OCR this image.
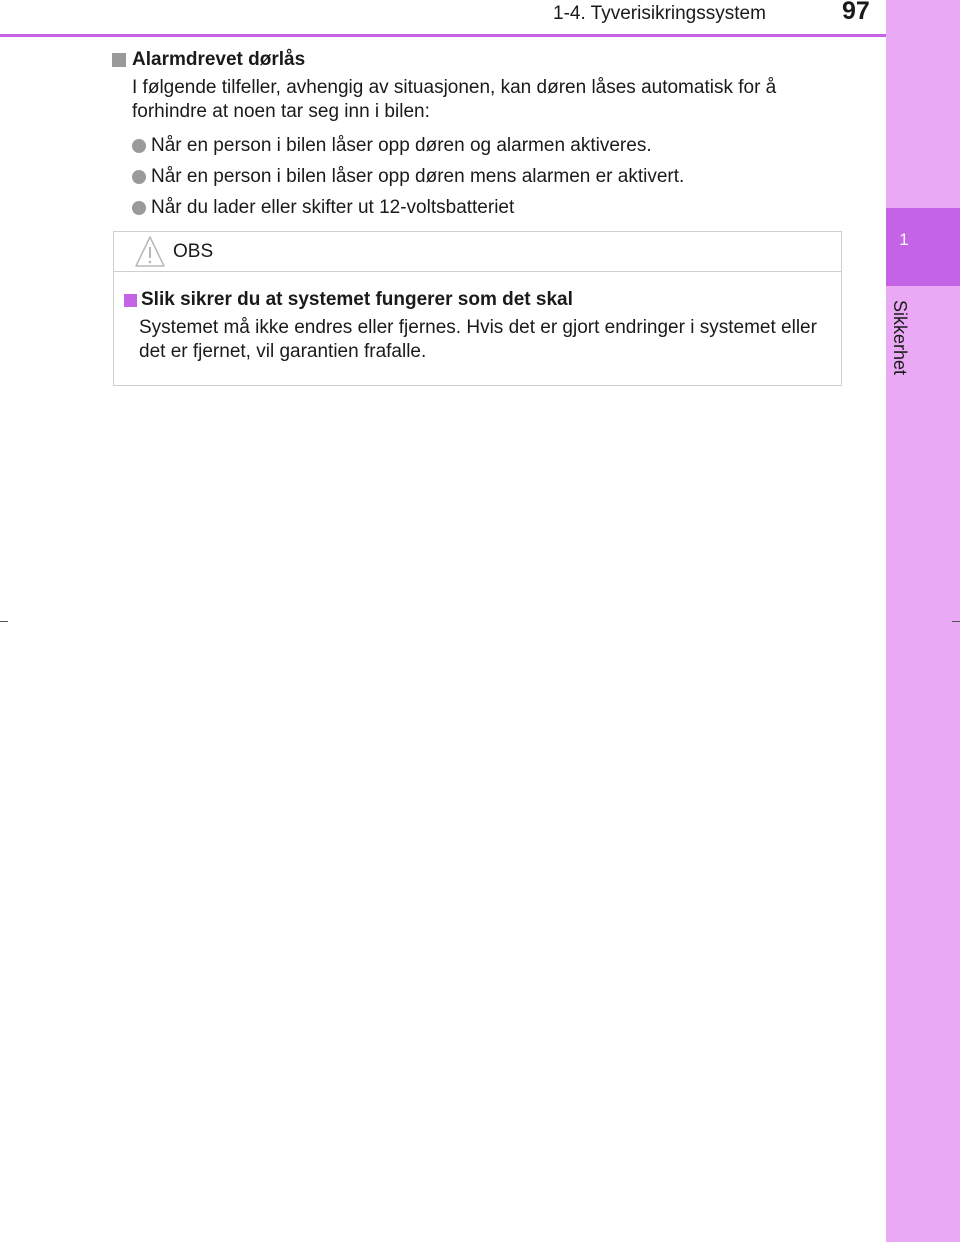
1
Sikkerhet
1-4. Tyverisikringssystem	97
Alarmdrevet dørlås
I følgende tilfeller, avhengig av situasjonen, kan døren låses automatisk for å forhindre at noen tar seg inn i bilen:
Når en person i bilen låser opp døren og alarmen aktiveres.
Når en person i bilen låser opp døren mens alarmen er aktivert.
Når du lader eller skifter ut 12-voltsbatteriet
OBS
Slik sikrer du at systemet fungerer som det skal
Systemet må ikke endres eller fjernes. Hvis det er gjort endringer i systemet eller det er fjernet, vil garantien frafalle.
